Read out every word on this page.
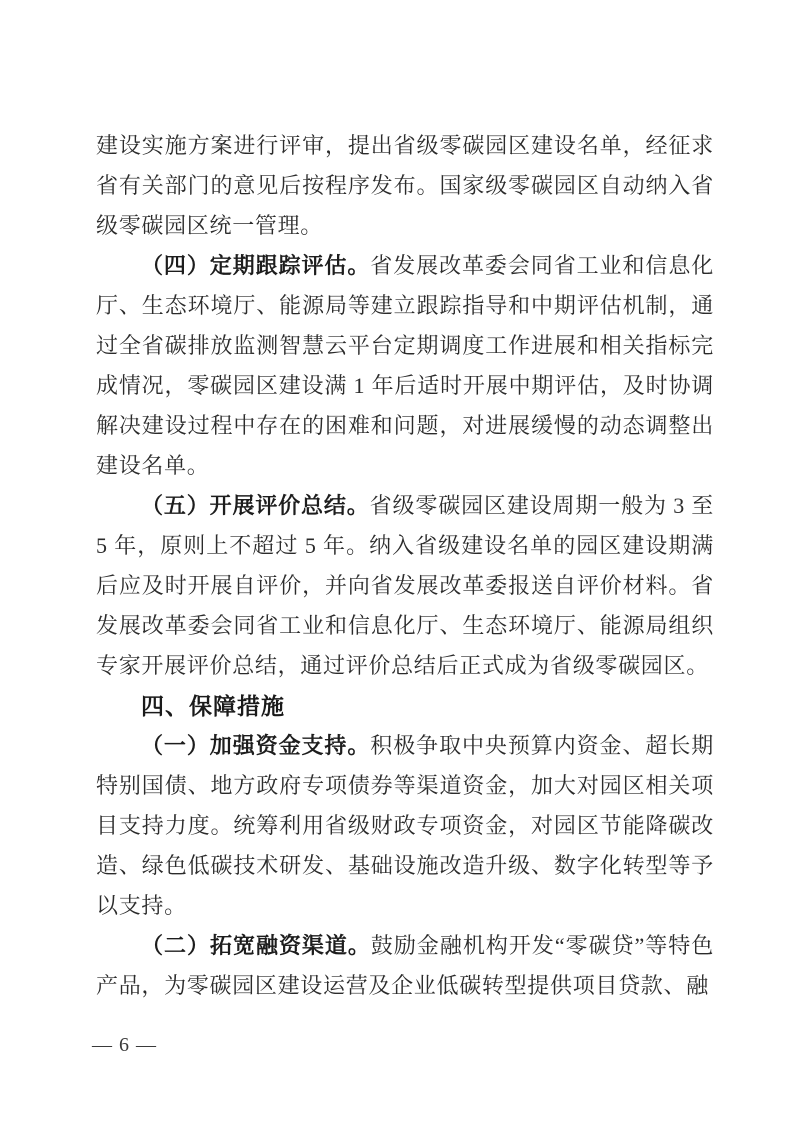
建设实施方案进行评审，提出省级零碳园区建设名单，经征求省有关部门的意见后按程序发布。国家级零碳园区自动纳入省级零碳园区统一管理。

（四）定期跟踪评估。省发展改革委会同省工业和信息化厅、生态环境厅、能源局等建立跟踪指导和中期评估机制，通过全省碳排放监测智慧云平台定期调度工作进展和相关指标完成情况，零碳园区建设满 1 年后适时开展中期评估，及时协调解决建设过程中存在的困难和问题，对进展缓慢的动态调整出建设名单。

（五）开展评价总结。省级零碳园区建设周期一般为 3 至 5 年，原则上不超过 5 年。纳入省级建设名单的园区建设期满后应及时开展自评价，并向省发展改革委报送自评价材料。省发展改革委会同省工业和信息化厅、生态环境厅、能源局组织专家开展评价总结，通过评价总结后正式成为省级零碳园区。

四、保障措施

（一）加强资金支持。积极争取中央预算内资金、超长期特别国债、地方政府专项债券等渠道资金，加大对园区相关项目支持力度。统筹利用省级财政专项资金，对园区节能降碳改造、绿色低碳技术研发、基础设施改造升级、数字化转型等予以支持。

（二）拓宽融资渠道。鼓励金融机构开发“零碳贷”等特色产品，为零碳园区建设运营及企业低碳转型提供项目贷款、融

— 6 —
